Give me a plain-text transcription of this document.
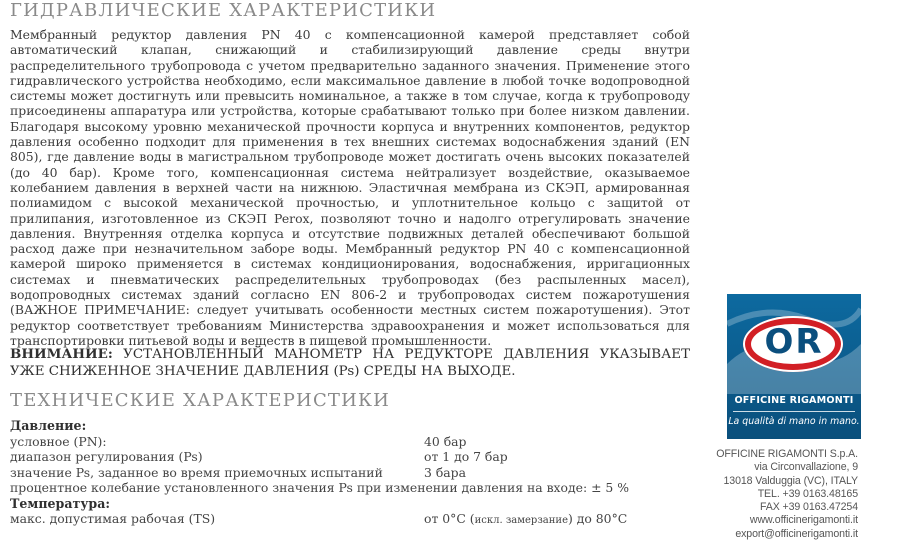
ГИДРАВЛИЧЕСКИЕ ХАРАКТЕРИСТИКИ
Мембранный редуктор давления PN 40 с компенсационной камерой представляет собой автоматический клапан, снижающий и стабилизирующий давление среды внутри распределительного трубопровода с учетом предварительно заданного значения. Применение этого гидравлического устройства необходимо, если максимальное давление в любой точке водопроводной системы может достигнуть или превысить номинальное, а также в том случае, когда к трубопроводу присоединены аппаратура или устройства, которые срабатывают только при более низком давлении. Благодаря высокому уровню механической прочности корпуса и внутренних компонентов, редуктор давления особенно подходит для применения в тех внешних системах водоснабжения зданий (EN 805), где давление воды в магистральном трубопроводе может достигать очень высоких показателей (до 40 бар). Кроме того, компенсационная система нейтрализует воздействие, оказываемое колебанием давления в верхней части на нижнюю. Эластичная мембрана из СКЭП, армированная полиамидом с высокой механической прочностью, и уплотнительное кольцо с защитой от прилипания, изготовленное из СКЭП Perox, позволяют точно и надолго отрегулировать значение давления. Внутренняя отделка корпуса и отсутствие подвижных деталей обеспечивают большой расход даже при незначительном заборе воды. Мембранный редуктор PN 40 с компенсационной камерой широко применяется в системах кондиционирования, водоснабжения, ирригационных системах и пневматических распределительных трубопроводах (без распыленных масел), водопроводных системах зданий согласно EN 806-2 и трубопроводах систем пожаротушения (ВАЖНОЕ ПРИМЕЧАНИЕ: следует учитывать особенности местных систем пожаротушения). Этот редуктор соответствует требованиям Министерства здравоохранения и может использоваться для транспортировки питьевой воды и веществ в пищевой промышленности.
ВНИМАНИЕ: УСТАНОВЛЕННЫЙ МАНОМЕТР НА РЕДУКТОРЕ ДАВЛЕНИЯ УКАЗЫВАЕТ УЖЕ СНИЖЕННОЕ ЗНАЧЕНИЕ ДАВЛЕНИЯ (Ps) СРЕДЫ НА ВЫХОДЕ.
ТЕХНИЧЕСКИЕ ХАРАКТЕРИСТИКИ
Давление:
условное (PN):	40 бар
диапазон регулирования (Ps)	от 1 до 7 бар
значение Ps, заданное во время приемочных испытаний	3 бара
процентное колебание установленного значения Ps при изменении давления на входе: ± 5 %
Температура:
макс. допустимая рабочая (TS)	от 0°C (искл. замерзание) до 80°C
OR
OFFICINE RIGAMONTI
La qualità di mano in mano.
OFFICINE RIGAMONTI S.p.A.
via Circonvallazione, 9
13018 Valduggia (VC), ITALY
TEL. +39 0163.48165
FAX +39 0163.47254
www.officinerigamonti.it
export@officinerigamonti.it
